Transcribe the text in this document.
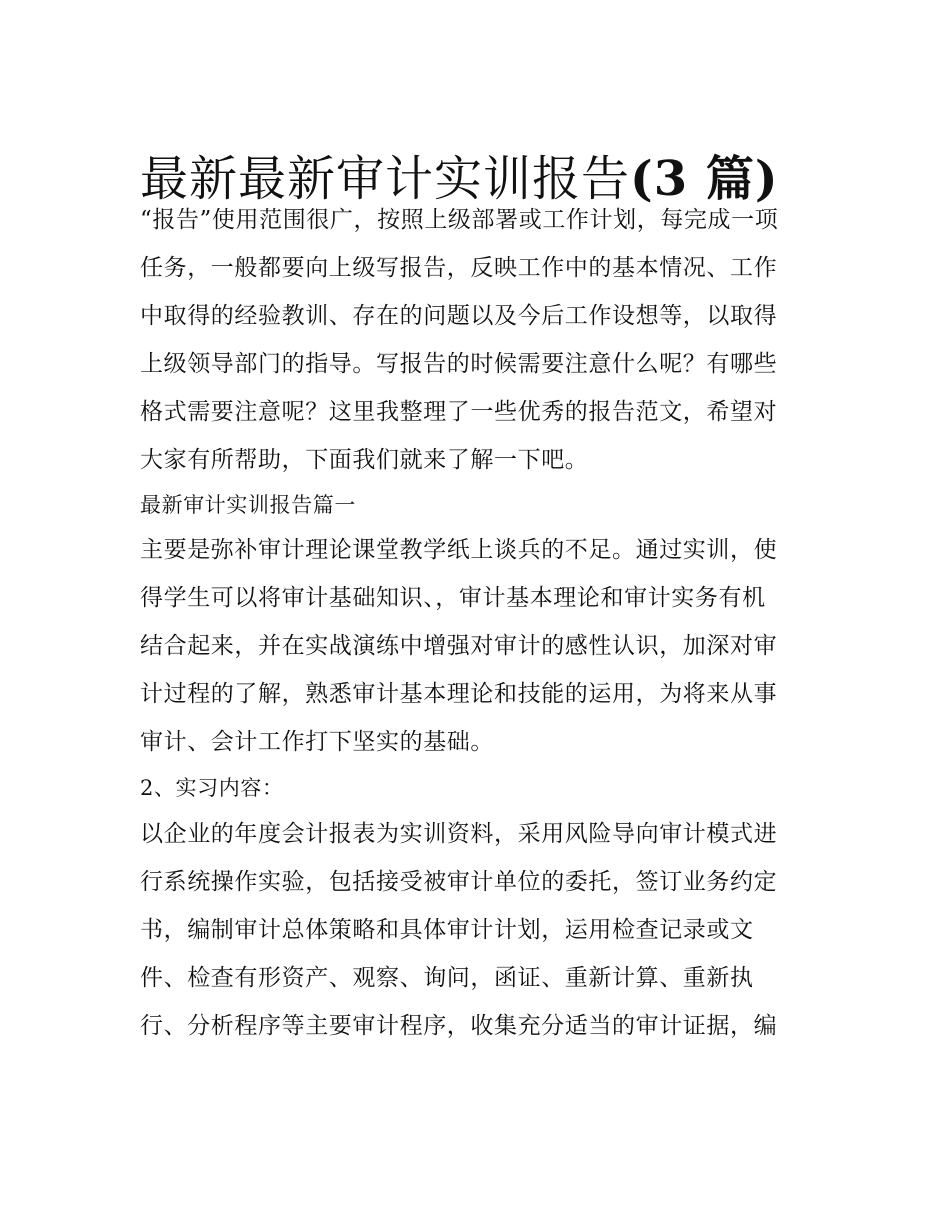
最新最新审计实训报告(3 篇)
“报告”使用范围很广，按照上级部署或工作计划，每完成一项
任务，一般都要向上级写报告，反映工作中的基本情况、工作
中取得的经验教训、存在的问题以及今后工作设想等，以取得
上级领导部门的指导。写报告的时候需要注意什么呢？有哪些
格式需要注意呢？这里我整理了一些优秀的报告范文，希望对
大家有所帮助，下面我们就来了解一下吧。
最新审计实训报告篇一
主要是弥补审计理论课堂教学纸上谈兵的不足。通过实训，使
得学生可以将审计基础知识、，审计基本理论和审计实务有机
结合起来，并在实战演练中增强对审计的感性认识，加深对审
计过程的了解，熟悉审计基本理论和技能的运用，为将来从事
审计、会计工作打下坚实的基础。
2、实习内容：
以企业的年度会计报表为实训资料，采用风险导向审计模式进
行系统操作实验，包括接受被审计单位的委托，签订业务约定
书，编制审计总体策略和具体审计计划，运用检查记录或文
件、检查有形资产、观察、询问，函证、重新计算、重新执
行、分析程序等主要审计程序，收集充分适当的审计证据，编
